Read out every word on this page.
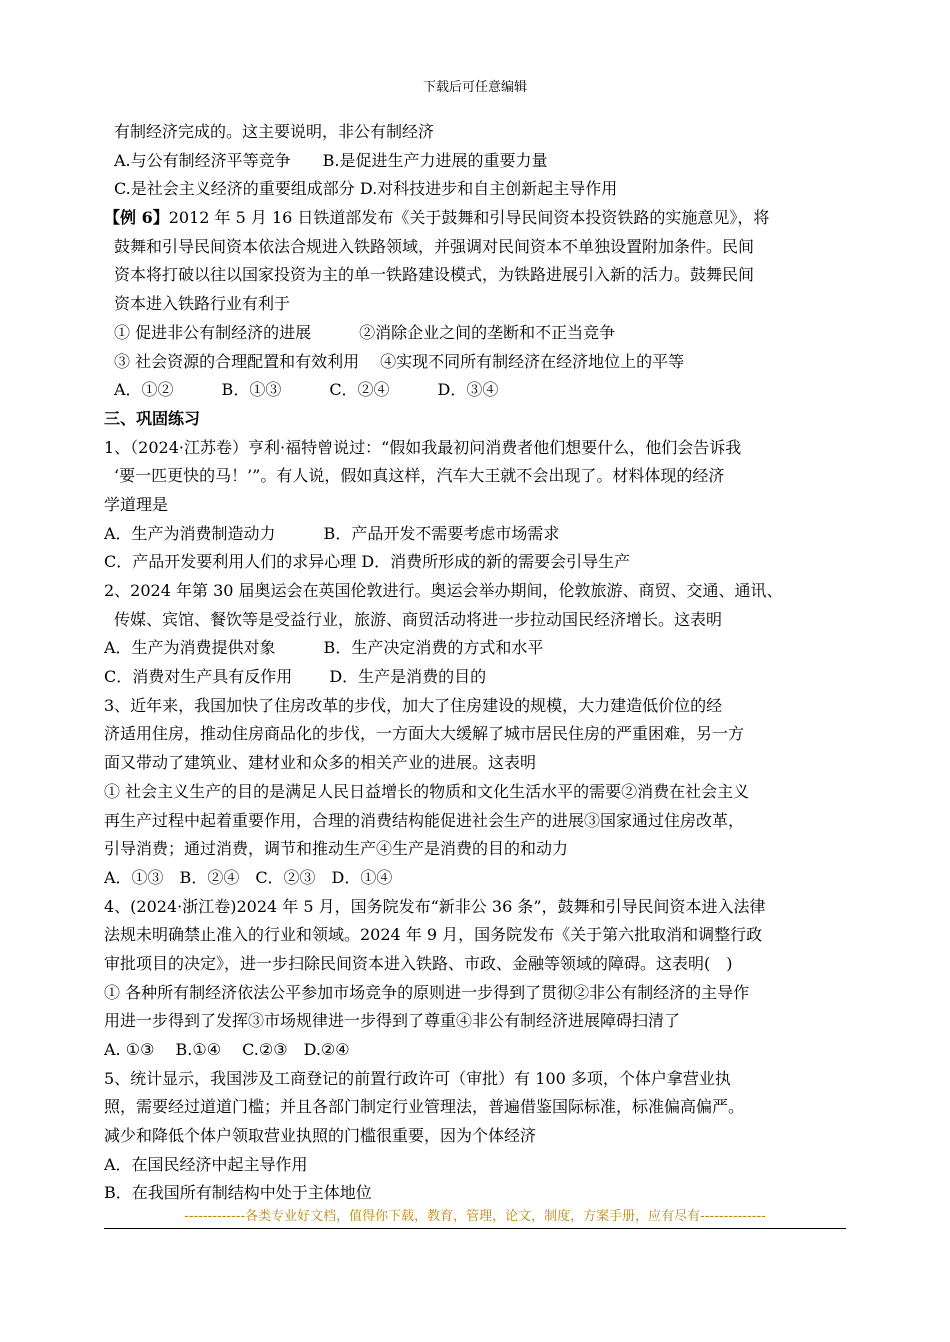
下载后可任意编辑
有制经济完成的。这主要说明，非公有制经济
A.与公有制经济平等竞争　　B.是促进生产力进展的重要力量
C.是社会主义经济的重要组成部分 D.对科技进步和自主创新起主导作用
【例 6】2012 年 5 月 16 日铁道部发布《关于鼓舞和引导民间资本投资铁路的实施意见》，将
鼓舞和引导民间资本依法合规进入铁路领域，并强调对民间资本不单独设置附加条件。民间
资本将打破以往以国家投资为主的单一铁路建设模式，为铁路进展引入新的活力。鼓舞民间
资本进入铁路行业有利于
① 促进非公有制经济的进展　　　②消除企业之间的垄断和不正当竞争
③ 社会资源的合理配置和有效利用　 ④实现不同所有制经济在经济地位上的平等
A．①②　　　B．①③　　　C．②④　　　D．③④
三、巩固练习
1、（2024·江苏卷）亨利·福特曾说过：“假如我最初问消费者他们想要什么，他们会告诉我
‘要一匹更快的马！’”。有人说，假如真这样，汽车大王就不会出现了。材料体现的经济
学道理是
A．生产为消费制造动力　　　B．产品开发不需要考虑市场需求
C．产品开发要利用人们的求异心理 D．消费所形成的新的需要会引导生产
2、2024 年第 30 届奥运会在英国伦敦进行。奥运会举办期间，伦敦旅游、商贸、交通、通讯、
传媒、宾馆、餐饮等是受益行业，旅游、商贸活动将进一步拉动国民经济增长。这表明
A．生产为消费提供对象　　　B．生产决定消费的方式和水平
C．消费对生产具有反作用　　 D．生产是消费的目的
3、近年来，我国加快了住房改革的步伐，加大了住房建设的规模，大力建造低价位的经
济适用住房，推动住房商品化的步伐，一方面大大缓解了城市居民住房的严重困难，另一方
面又带动了建筑业、建材业和众多的相关产业的进展。这表明
① 社会主义生产的目的是满足人民日益增长的物质和文化生活水平的需要②消费在社会主义
再生产过程中起着重要作用，合理的消费结构能促进社会生产的进展③国家通过住房改革，
引导消费；通过消费，调节和推动生产④生产是消费的目的和动力
A．①③　B．②④　C．②③　D．①④
4、(2024·浙江卷)2024 年 5 月，国务院发布“新非公 36 条”，鼓舞和引导民间资本进入法律
法规未明确禁止准入的行业和领域。2024 年 9 月，国务院发布《关于第六批取消和调整行政
审批项目的决定》，进一步扫除民间资本进入铁路、市政、金融等领域的障碍。这表明(　)
① 各种所有制经济依法公平参加市场竞争的原则进一步得到了贯彻②非公有制经济的主导作
用进一步得到了发挥③市场规律进一步得到了尊重④非公有制经济进展障碍扫清了
A. ①③　 B.①④　 C.②③　D.②④
5、统计显示，我国涉及工商登记的前置行政许可（审批）有 100 多项，个体户拿营业执
照，需要经过道道门槛；并且各部门制定行业管理法，普遍借鉴国际标准，标准偏高偏严。
减少和降低个体户领取营业执照的门槛很重要，因为个体经济
A．在国民经济中起主导作用
B．在我国所有制结构中处于主体地位
-------------各类专业好文档，值得你下载，教育，管理，论文，制度，方案手册，应有尽有--------------
